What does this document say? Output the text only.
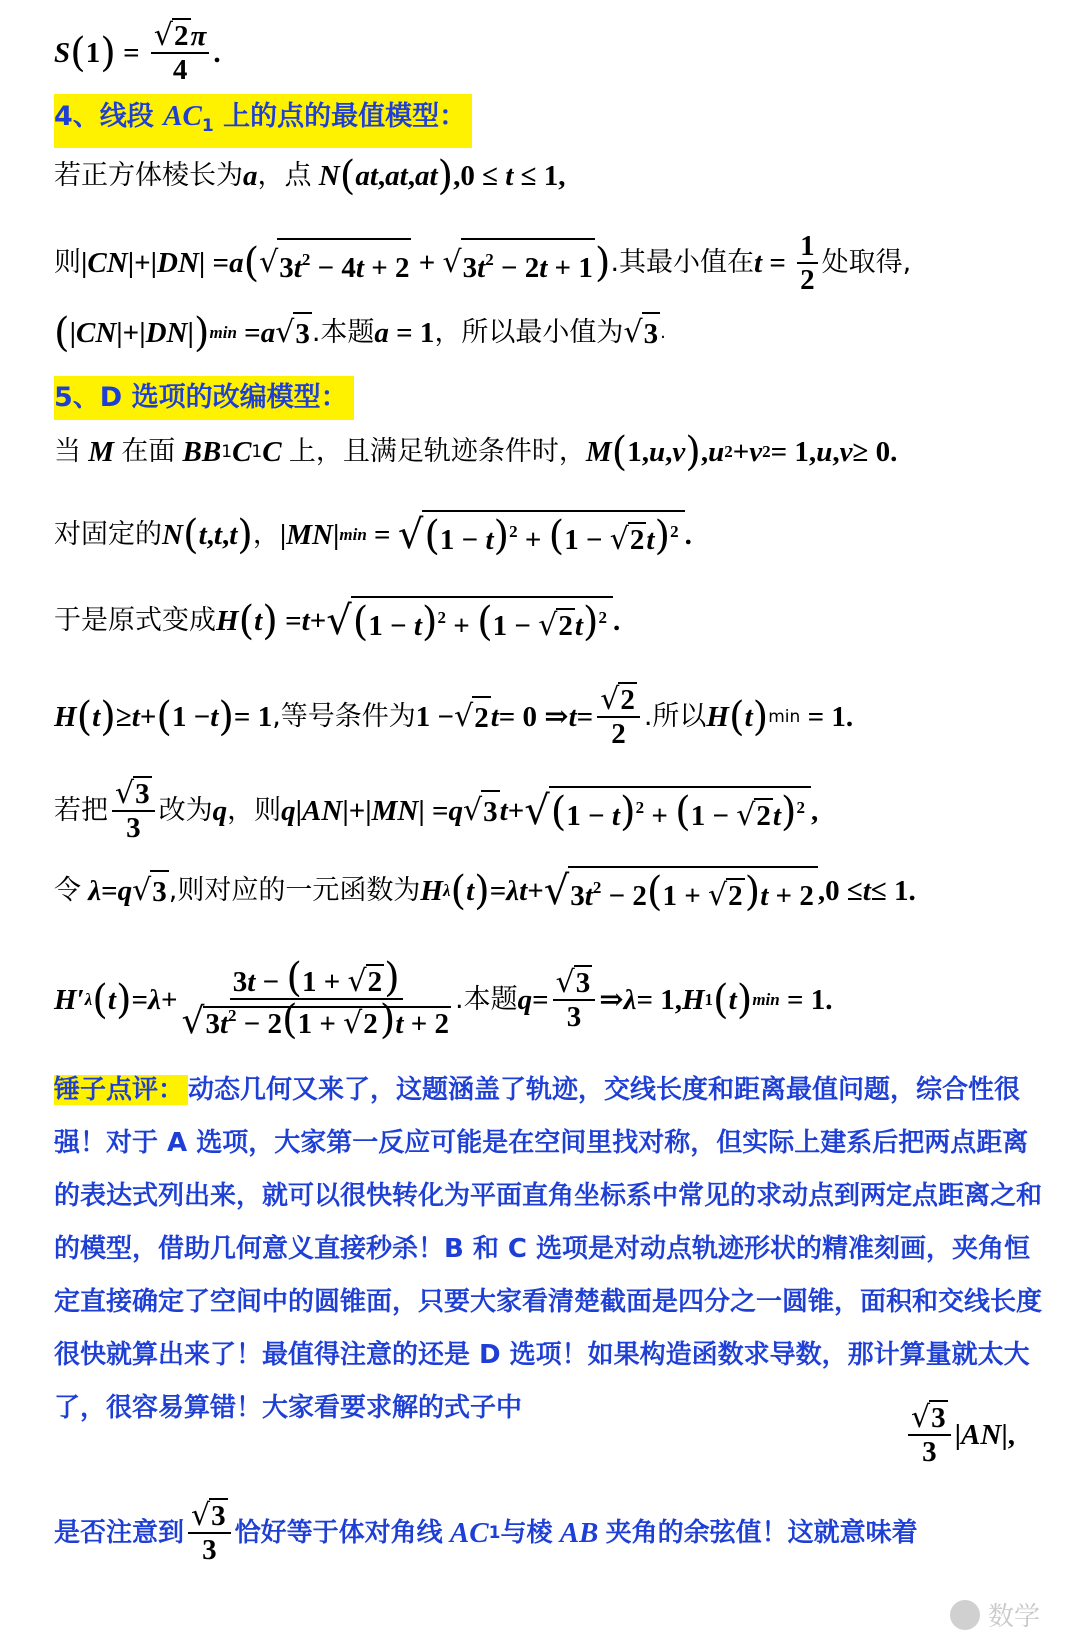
S ( 1 ) = $\frac{√2\pi}{4}$ .
4、线段 $AC_1$ 上的点的最值模型：
若正方体棱长为 a ，点 N ( at , at , at ) ,0 ≤ t ≤ 1,
则 | CN |+| DN | = a ( √ $3t^2 - 4t + 2$ + √ $3t^2 - 2t + 1$ ) .其最小值在 $t = \frac{1}{2}$ 处取得,
( | CN |+| DN | ) min = a √ 3 .本题 a = 1 ，所以最小值为 √ 3 .
5、D 选项的改编模型：
当 M 在面 BB 1 C 1 C 上，且满足轨迹条件时， M ( 1, u , v ) , u 2 + v 2 = 1, u , v ≥ 0.
对固定的 N ( t , t , t ) ， | MN | min = √ $(1 - t)^2 + (1 - √2t)^2$ .
于是原式变成 H ( t ) = t + √ $(1 - t)^2 + (1 - √2t)^2$ .
H ( t ) ≥ t + ( 1 − t ) = 1 ,等号条件为 1 − √ 2 t = 0 ⇒ $t = \frac{√2}{2}$ .所以 H ( t ) min = 1.
若把 $\frac{√3}{3}$ 改为 q ，则 q | AN |+| MN | = q √ 3 t + √ $(1 - t)^2 + (1 - √2t)^2$ ,
令 λ = q √ 3 ,则对应的一元函数为 H λ ( t ) = λt + √ $3t^2 - 2(1 + √2)t + 2$ ,0 ≤ t ≤ 1.
H′ λ ( t ) = $\lambda + \frac{3t - (1 + √2)}{√3t^2 - 2(1 + √2)t + 2}$ .本题 $q = \frac{√3}{3}$ ⇒ λ = 1, H 1 ( t ) min = 1.
锤子点评： 动态几何又来了，这题涵盖了轨迹，交线长度和距离最值问题，综合性很强！对于 A 选项，大家第一反应可能是在空间里找对称，但实际上建系后把两点距离的表达式列出来，就可以很快转化为平面直角坐标系中常见的求动点到两定点距离之和的模型，借助几何意义直接秒杀！B 和 C 选项是对动点轨迹形状的精准刻画，夹角恒定直接确定了空间中的圆锥面，只要大家看清楚截面是四分之一圆锥，面积和交线长度很快就算出来了！最值得注意的还是 D 选项！如果构造函数求导数，那计算量就太大了，很容易算错！大家看要求解的式子中	$\frac{√3}{3}$ | AN |,
是否注意到 $\frac{√3}{3}$ 恰好等于体对角线 AC 1 与棱 AB 夹角的余弦值！这就意味着
数学
